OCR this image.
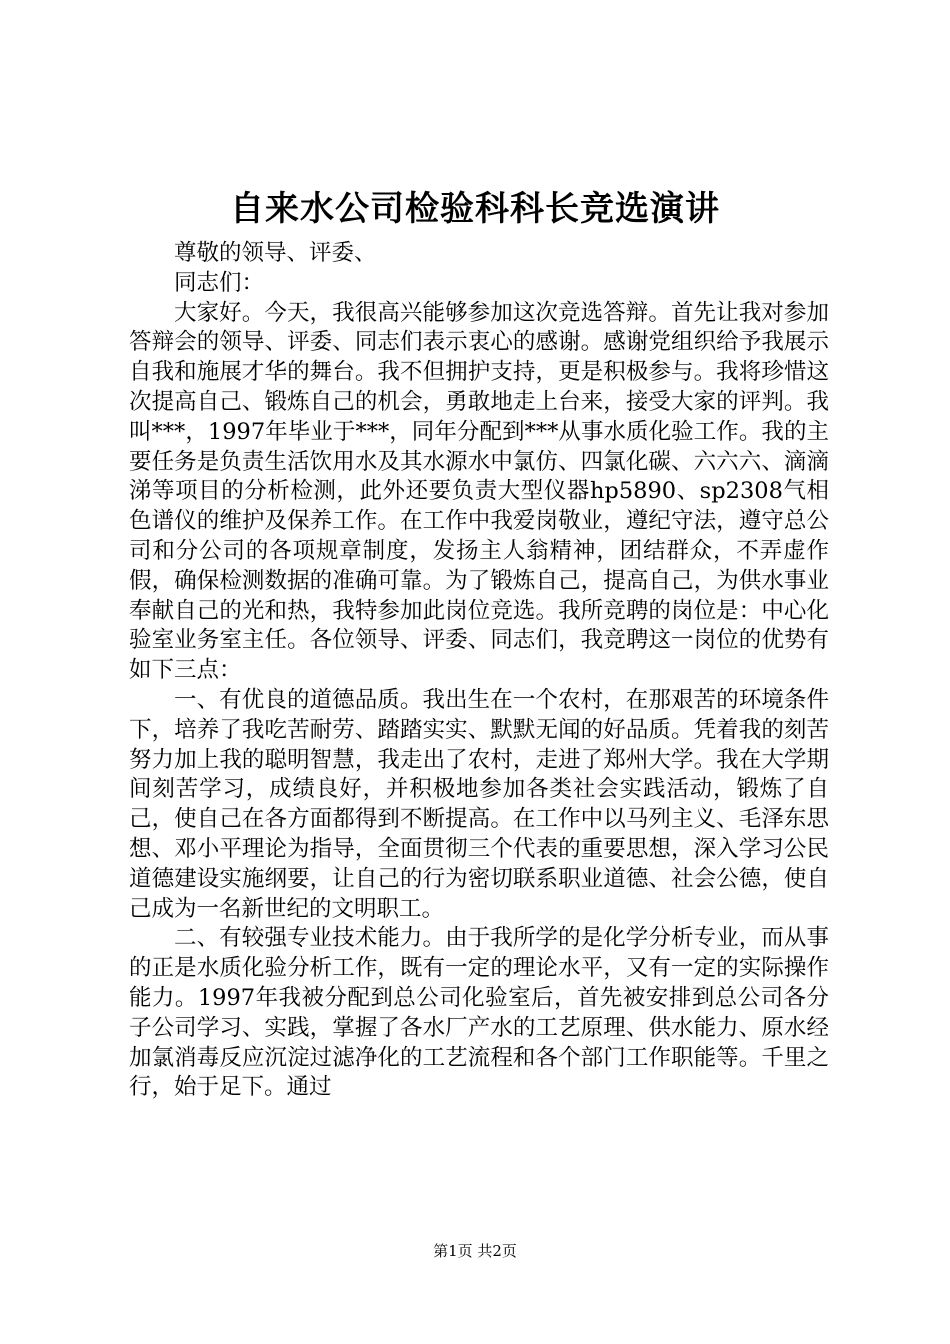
自来水公司检验科科长竞选演讲

尊敬的领导、评委、

同志们：

大家好。今天，我很高兴能够参加这次竞选答辩。首先让我对参加答辩会的领导、评委、同志们表示衷心的感谢。感谢党组织给予我展示自我和施展才华的舞台。我不但拥护支持，更是积极参与。我将珍惜这次提高自己、锻炼自己的机会，勇敢地走上台来，接受大家的评判。我叫***，1997年毕业于***，同年分配到***从事水质化验工作。我的主要任务是负责生活饮用水及其水源水中氯仿、四氯化碳、六六六、滴滴涕等项目的分析检测，此外还要负责大型仪器hp5890、sp2308气相色谱仪的维护及保养工作。在工作中我爱岗敬业，遵纪守法，遵守总公司和分公司的各项规章制度，发扬主人翁精神，团结群众，不弄虚作假，确保检测数据的准确可靠。为了锻炼自己，提高自己，为供水事业奉献自己的光和热，我特参加此岗位竞选。我所竞聘的岗位是：中心化验室业务室主任。各位领导、评委、同志们，我竞聘这一岗位的优势有如下三点：

一、有优良的道德品质。我出生在一个农村，在那艰苦的环境条件下，培养了我吃苦耐劳、踏踏实实、默默无闻的好品质。凭着我的刻苦努力加上我的聪明智慧，我走出了农村，走进了郑州大学。我在大学期间刻苦学习，成绩良好，并积极地参加各类社会实践活动，锻炼了自己，使自己在各方面都得到不断提高。在工作中以马列主义、毛泽东思想、邓小平理论为指导，全面贯彻三个代表的重要思想，深入学习公民道德建设实施纲要，让自己的行为密切联系职业道德、社会公德，使自己成为一名新世纪的文明职工。

二、有较强专业技术能力。由于我所学的是化学分析专业，而从事的正是水质化验分析工作，既有一定的理论水平，又有一定的实际操作能力。1997年我被分配到总公司化验室后，首先被安排到总公司各分子公司学习、实践，掌握了各水厂产水的工艺原理、供水能力、原水经加氯消毒反应沉淀过滤净化的工艺流程和各个部门工作职能等。千里之行，始于足下。通过

第1页 共2页
